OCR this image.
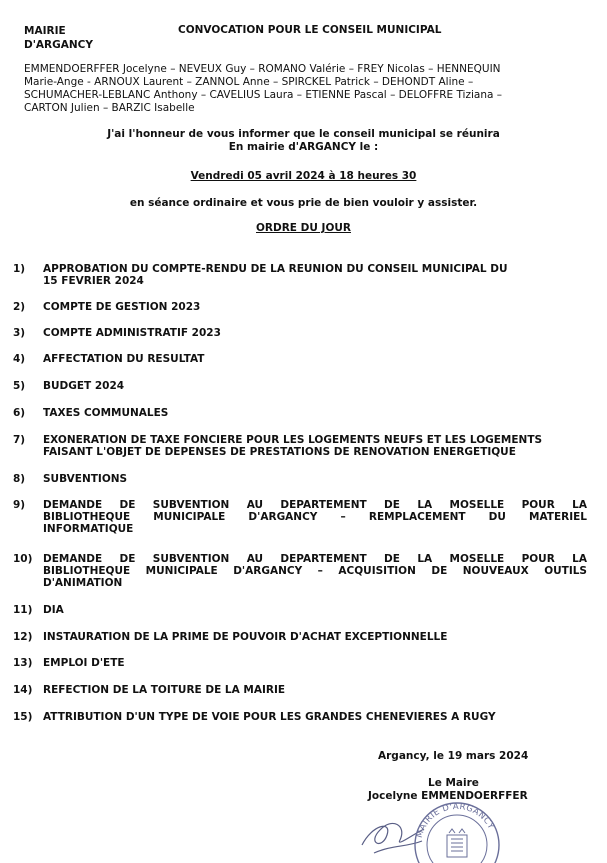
MAIRIE
D'ARGANCY
CONVOCATION POUR LE CONSEIL MUNICIPAL
EMMENDOERFFER Jocelyne – NEVEUX Guy – ROMANO Valérie – FREY Nicolas – HENNEQUIN
Marie-Ange - ARNOUX Laurent – ZANNOL Anne – SPIRCKEL Patrick – DEHONDT Aline –
SCHUMACHER-LEBLANC Anthony – CAVELIUS Laura – ETIENNE Pascal – DELOFFRE Tiziana –
CARTON Julien – BARZIC Isabelle
J'ai l'honneur de vous informer que le conseil municipal se réunira
En mairie d'ARGANCY le :
Vendredi 05 avril 2024 à 18 heures 30
en séance ordinaire et vous prie de bien vouloir y assister.
ORDRE DU JOUR
1)	APPROBATION DU COMPTE-RENDU DE LA REUNION DU CONSEIL MUNICIPAL DU
15 FEVRIER 2024
2)	COMPTE DE GESTION 2023
3)	COMPTE ADMINISTRATIF 2023
4)	AFFECTATION DU RESULTAT
5)	BUDGET 2024
6)	TAXES COMMUNALES
7)	EXONERATION DE TAXE FONCIERE POUR LES LOGEMENTS NEUFS ET LES LOGEMENTS
FAISANT L'OBJET DE DEPENSES DE PRESTATIONS DE RENOVATION ENERGETIQUE
8)	SUBVENTIONS
9)	DEMANDE DE SUBVENTION AU DEPARTEMENT DE LA MOSELLE POUR LA
BIBLIOTHEQUE MUNICIPALE D'ARGANCY – REMPLACEMENT DU MATERIEL
INFORMATIQUE
10)	DEMANDE DE SUBVENTION AU DEPARTEMENT DE LA MOSELLE POUR LA
BIBLIOTHEQUE MUNICIPALE D'ARGANCY – ACQUISITION DE NOUVEAUX OUTILS
D'ANIMATION
11)	DIA
12)	INSTAURATION DE LA PRIME DE POUVOIR D'ACHAT EXCEPTIONNELLE
13)	EMPLOI D'ETE
14)	REFECTION DE LA TOITURE DE LA MAIRIE
15)	ATTRIBUTION D'UN TYPE DE VOIE POUR LES GRANDES CHENEVIERES A RUGY
Argancy, le 19 mars 2024
Le Maire
Jocelyne EMMENDOERFFER
MAIRIE D'ARGANCY
